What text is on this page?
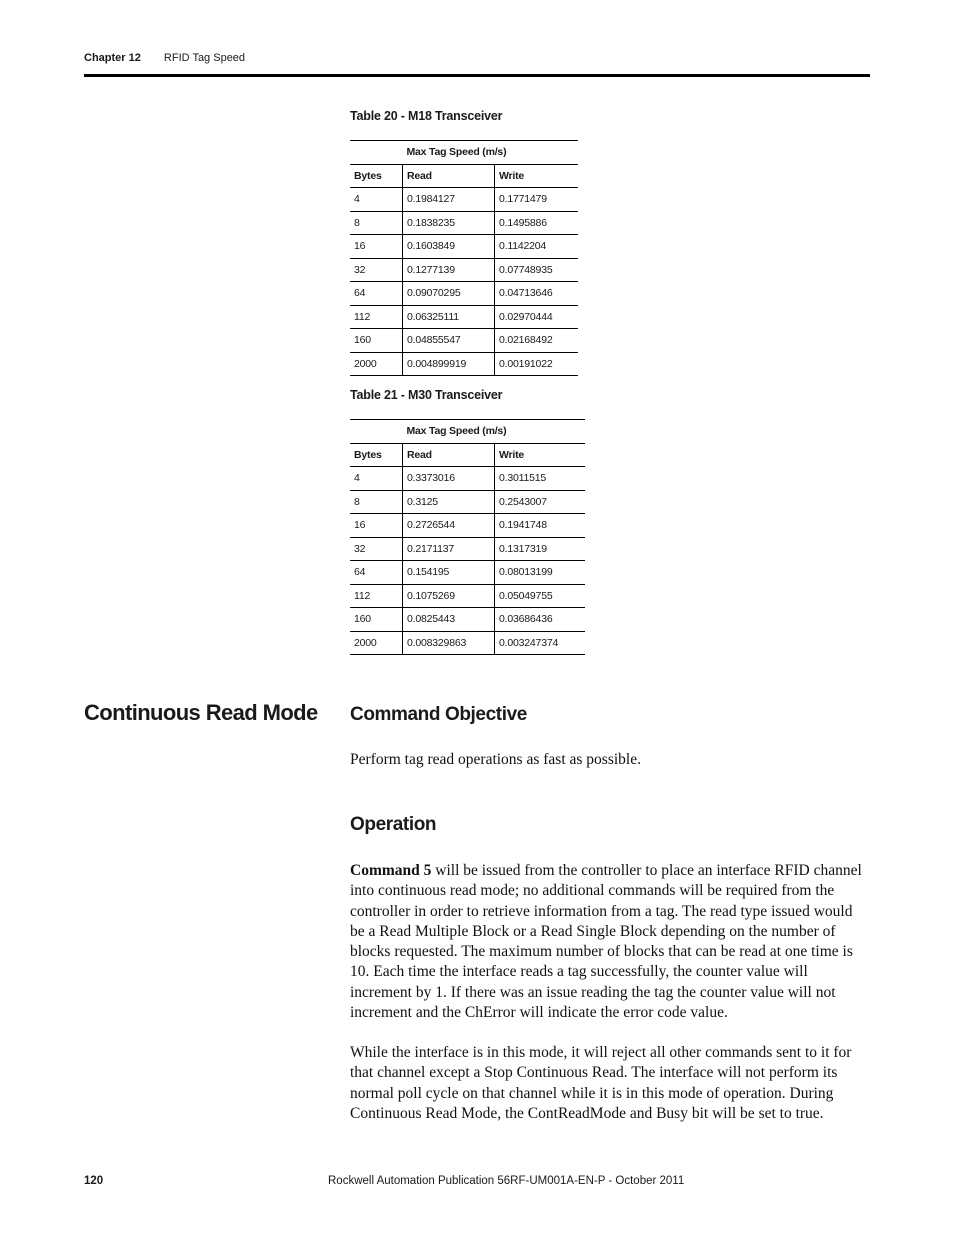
Chapter 12 RFID Tag Speed
Table 20 - M18 Transceiver
	Max Tag Speed (m/s)	
Bytes	Read	Write
4	0.1984127	0.1771479
8	0.1838235	0.1495886
16	0.1603849	0.1142204
32	0.1277139	0.07748935
64	0.09070295	0.04713646
112	0.06325111	0.02970444
160	0.04855547	0.02168492
2000	0.004899919	0.00191022
Table 21 - M30 Transceiver
	Max Tag Speed (m/s)	
Bytes	Read	Write
4	0.3373016	0.3011515
8	0.3125	0.2543007
16	0.2726544	0.1941748
32	0.2171137	0.1317319
64	0.154195	0.08013199
112	0.1075269	0.05049755
160	0.0825443	0.03686436
2000	0.008329863	0.003247374
Continuous Read Mode Command Objective
Perform tag read operations as fast as possible.
Operation
Command 5 will be issued from the controller to place an interface RFID channel into continuous read mode; no additional commands will be required from the controller in order to retrieve information from a tag. The read type issued would be a Read Multiple Block or a Read Single Block depending on the number of blocks requested. The maximum number of blocks that can be read at one time is 10. Each time the interface reads a tag successfully, the counter value will increment by 1. If there was an issue reading the tag the counter value will not increment and the ChError will indicate the error code value.
While the interface is in this mode, it will reject all other commands sent to it for that channel except a Stop Continuous Read. The interface will not perform its normal poll cycle on that channel while it is in this mode of operation. During Continuous Read Mode, the ContReadMode and Busy bit will be set to true.
120	Rockwell Automation Publication 56RF-UM001A-EN-P - October 2011
